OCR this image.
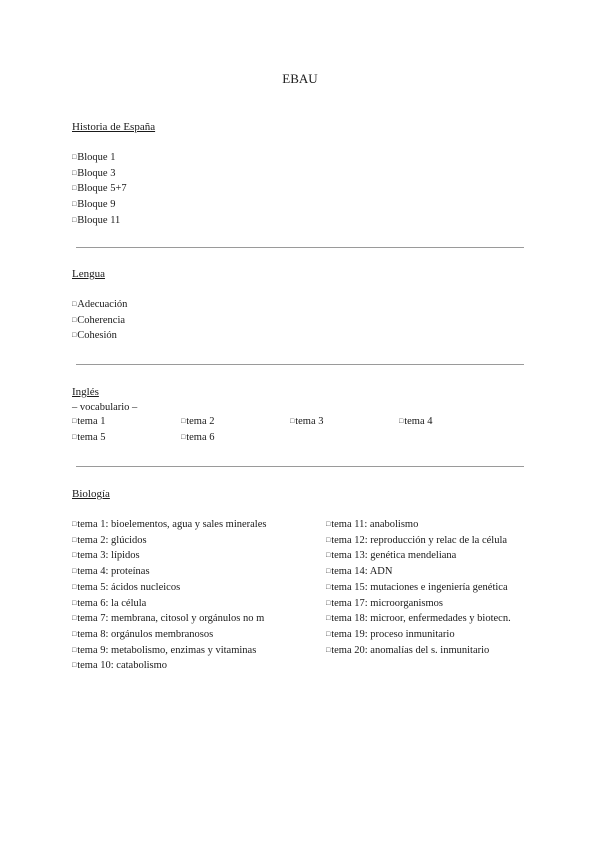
EBAU
Historia de España
□Bloque 1
□Bloque 3
□Bloque 5+7
□Bloque 9
□Bloque 11
Lengua
□Adecuación
□Coherencia
□Cohesión
Inglés
– vocabulario –
□tema 1	□tema 2	□tema 3	□tema 4
□tema 5	□tema 6
Biología
□tema 1: bioelementos, agua y sales minerales
□tema 2: glúcidos
□tema 3: lípidos
□tema 4: proteínas
□tema 5: ácidos nucleicos
□tema 6: la célula
□tema 7: membrana, citosol y orgánulos no m
□tema 8: orgánulos membranosos
□tema 9: metabolismo, enzimas y vitaminas
□tema 10: catabolismo
□tema 11: anabolismo
□tema 12: reproducción y relac de la célula
□tema 13: genética mendeliana
□tema 14: ADN
□tema 15: mutaciones e ingeniería genética
□tema 17: microorganismos
□tema 18: microor, enfermedades y biotecn.
□tema 19: proceso inmunitario
□tema 20: anomalías del s. inmunitario
